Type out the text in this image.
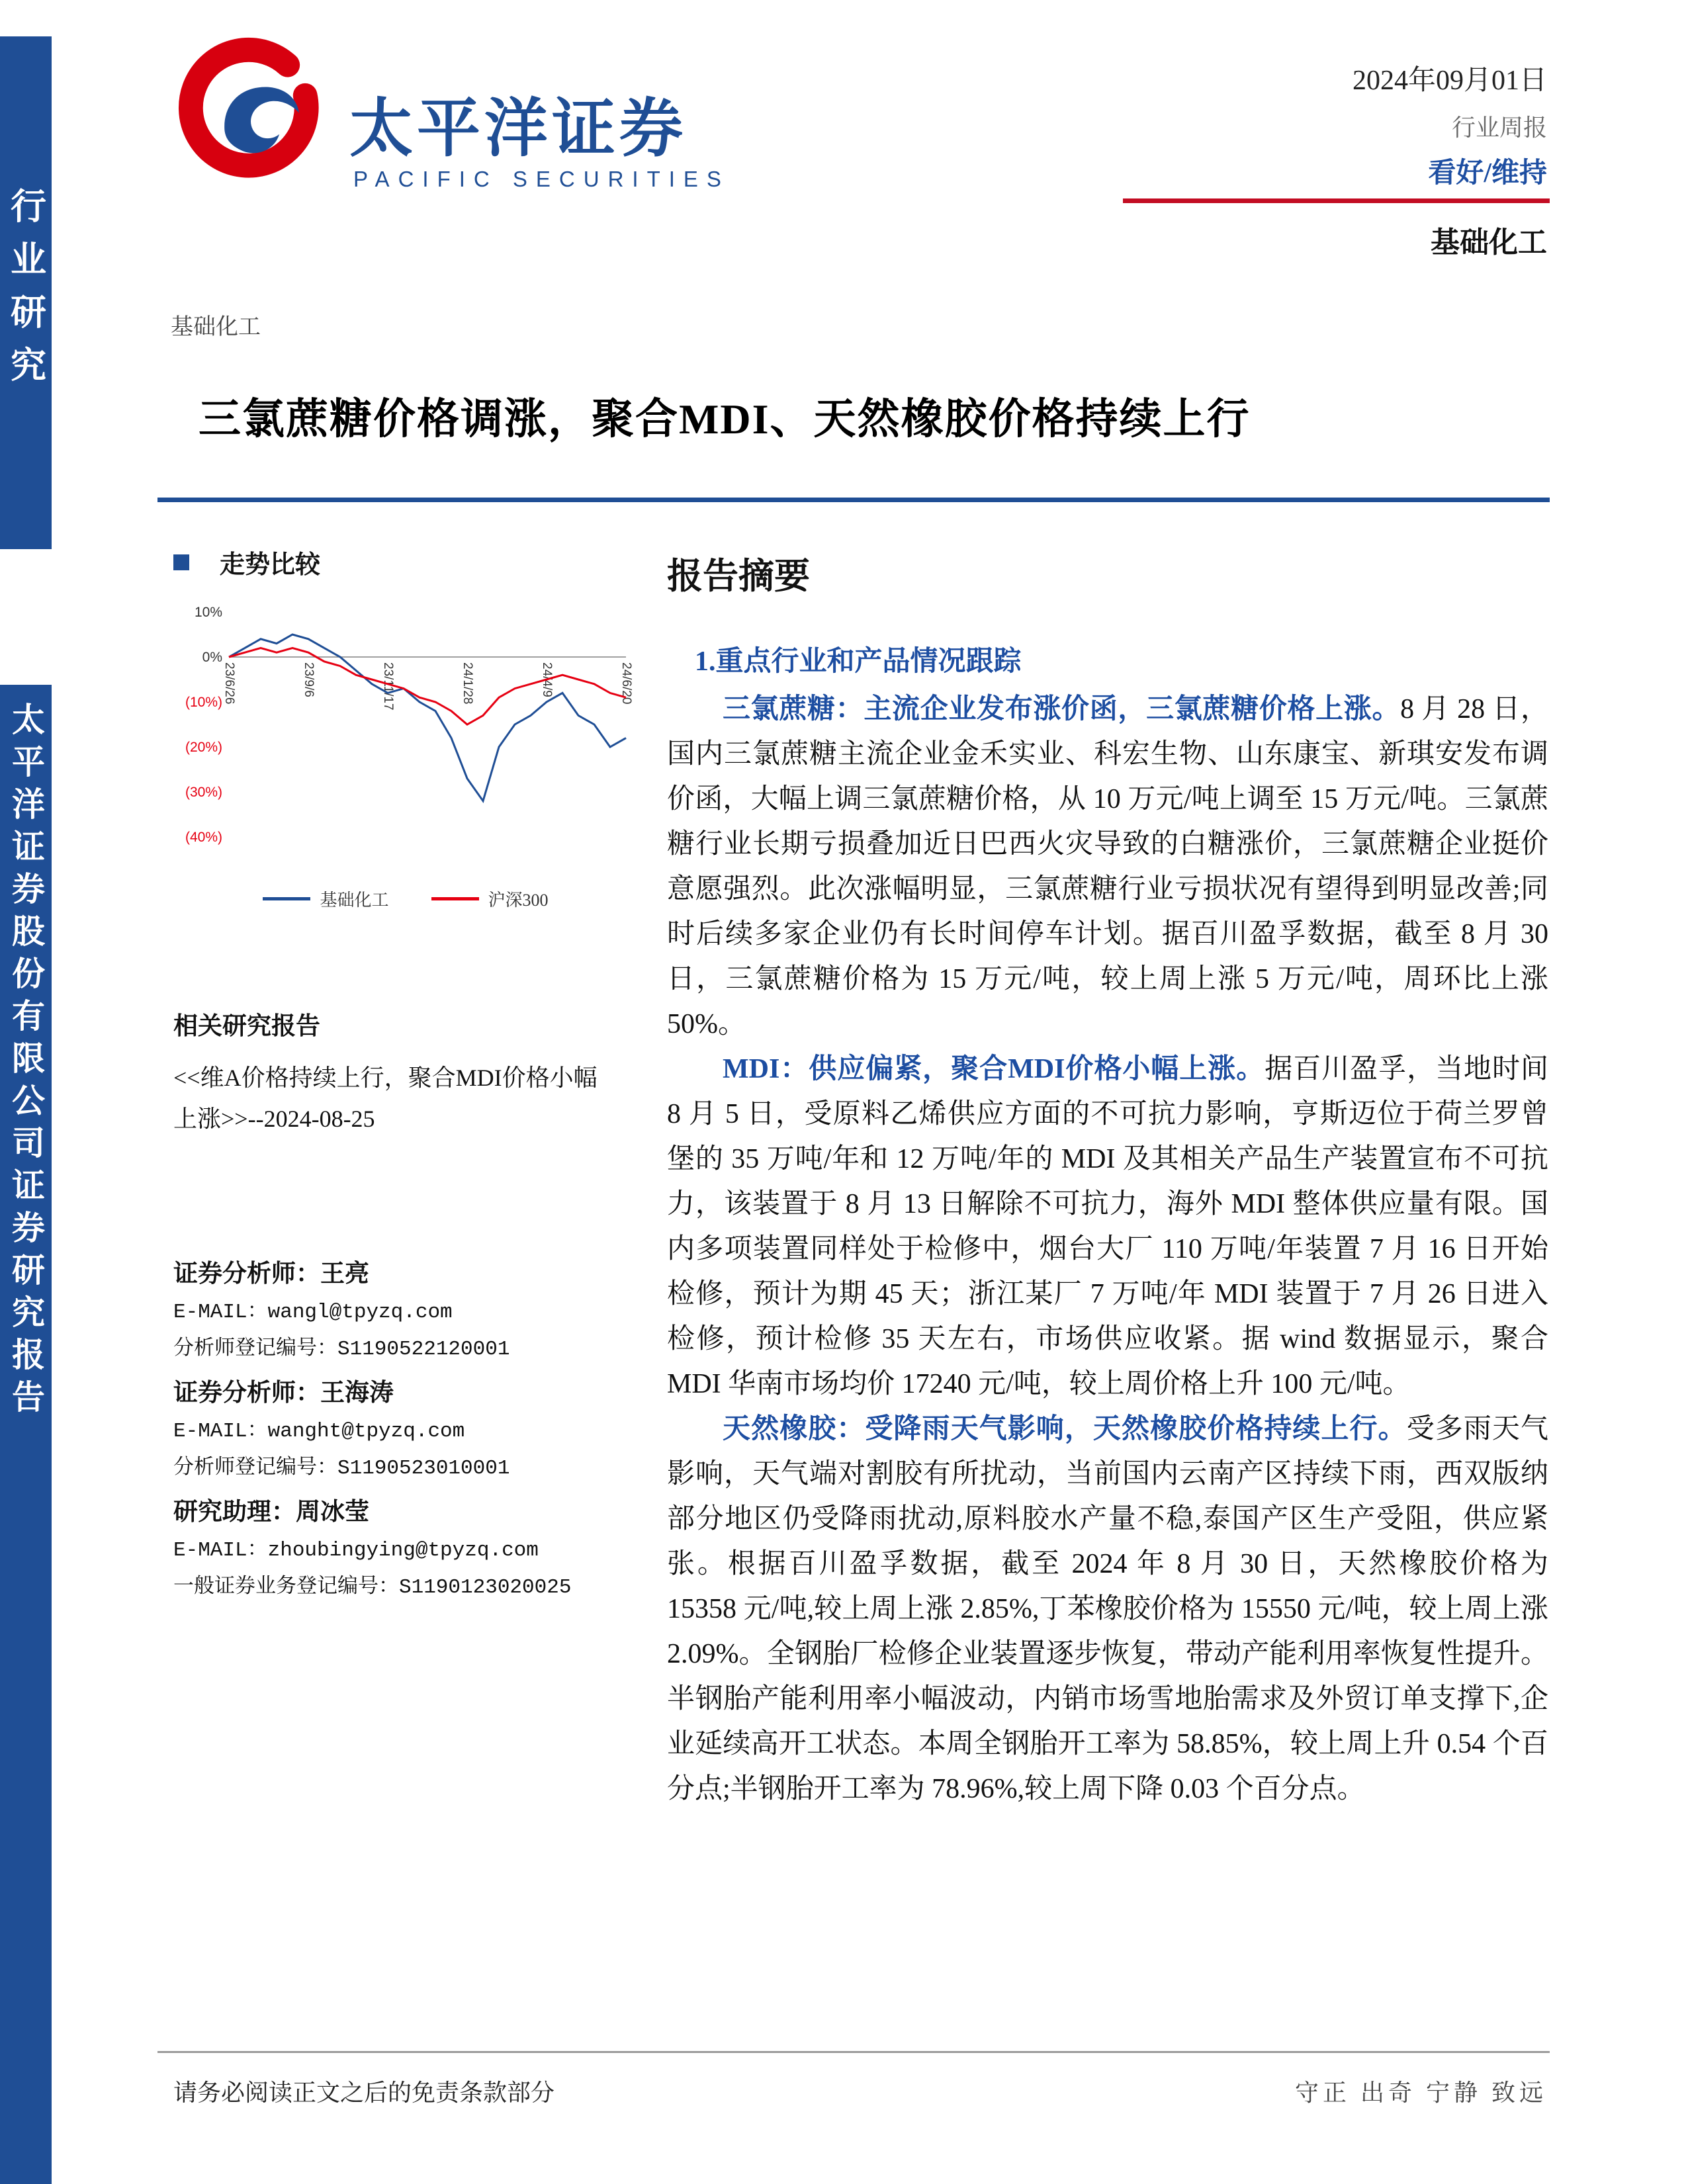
行业研究
太平洋证券股份有限公司证券研究报告
太平洋证券
PACIFIC SECURITIES
2024年09月01日
行业周报
看好/维持
基础化工
基础化工
三氯蔗糖价格调涨，聚合MDI、天然橡胶价格持续上行
走势比较
10%
0%
(10%)
(20%)
(30%)
(40%)
23/6/26	23/9/6	23/11/17	24/1/28	24/4/9	24/6/20
基础化工	沪深300
相关研究报告
<<维A价格持续上行，聚合MDI价格小幅上涨>>--2024-08-25
证券分析师：王亮
E-MAIL：wangl@tpyzq.com
分析师登记编号：S1190522120001
证券分析师：王海涛
E-MAIL：wanght@tpyzq.com
分析师登记编号：S1190523010001
研究助理：周冰莹
E-MAIL：zhoubingying@tpyzq.com
一般证券业务登记编号：S1190123020025
报告摘要
1.重点行业和产品情况跟踪

三氯蔗糖：主流企业发布涨价函，三氯蔗糖价格上涨。8 月 28 日，国内三氯蔗糖主流企业金禾实业、科宏生物、山东康宝、新琪安发布调价函，大幅上调三氯蔗糖价格，从 10 万元/吨上调至 15 万元/吨。三氯蔗糖行业长期亏损叠加近日巴西火灾导致的白糖涨价，三氯蔗糖企业挺价意愿强烈。此次涨幅明显，三氯蔗糖行业亏损状况有望得到明显改善;同时后续多家企业仍有长时间停车计划。据百川盈孚数据，截至 8 月 30 日，三氯蔗糖价格为 15 万元/吨，较上周上涨 5 万元/吨，周环比上涨 50%。

MDI：供应偏紧，聚合MDI价格小幅上涨。据百川盈孚，当地时间 8 月 5 日，受原料乙烯供应方面的不可抗力影响，亨斯迈位于荷兰罗曾堡的 35 万吨/年和 12 万吨/年的 MDI 及其相关产品生产装置宣布不可抗力，该装置于 8 月 13 日解除不可抗力，海外 MDI 整体供应量有限。国内多项装置同样处于检修中，烟台大厂 110 万吨/年装置 7 月 16 日开始检修，预计为期 45 天；浙江某厂 7 万吨/年 MDI 装置于 7 月 26 日进入检修，预计检修 35 天左右，市场供应收紧。据 wind 数据显示，聚合 MDI 华南市场均价 17240 元/吨，较上周价格上升 100 元/吨。

天然橡胶：受降雨天气影响，天然橡胶价格持续上行。受多雨天气影响，天气端对割胶有所扰动，当前国内云南产区持续下雨，西双版纳部分地区仍受降雨扰动,原料胶水产量不稳,泰国产区生产受阻，供应紧张。根据百川盈孚数据，截至 2024 年 8 月 30 日，天然橡胶价格为 15358 元/吨,较上周上涨 2.85%,丁苯橡胶价格为 15550 元/吨，较上周上涨 2.09%。全钢胎厂检修企业装置逐步恢复，带动产能利用率恢复性提升。半钢胎产能利用率小幅波动，内销市场雪地胎需求及外贸订单支撑下,企业延续高开工状态。本周全钢胎开工率为 58.85%，较上周上升 0.54 个百分点;半钢胎开工率为 78.96%,较上周下降 0.03 个百分点。

请务必阅读正文之后的免责条款部分	守正 出奇 宁静 致远
